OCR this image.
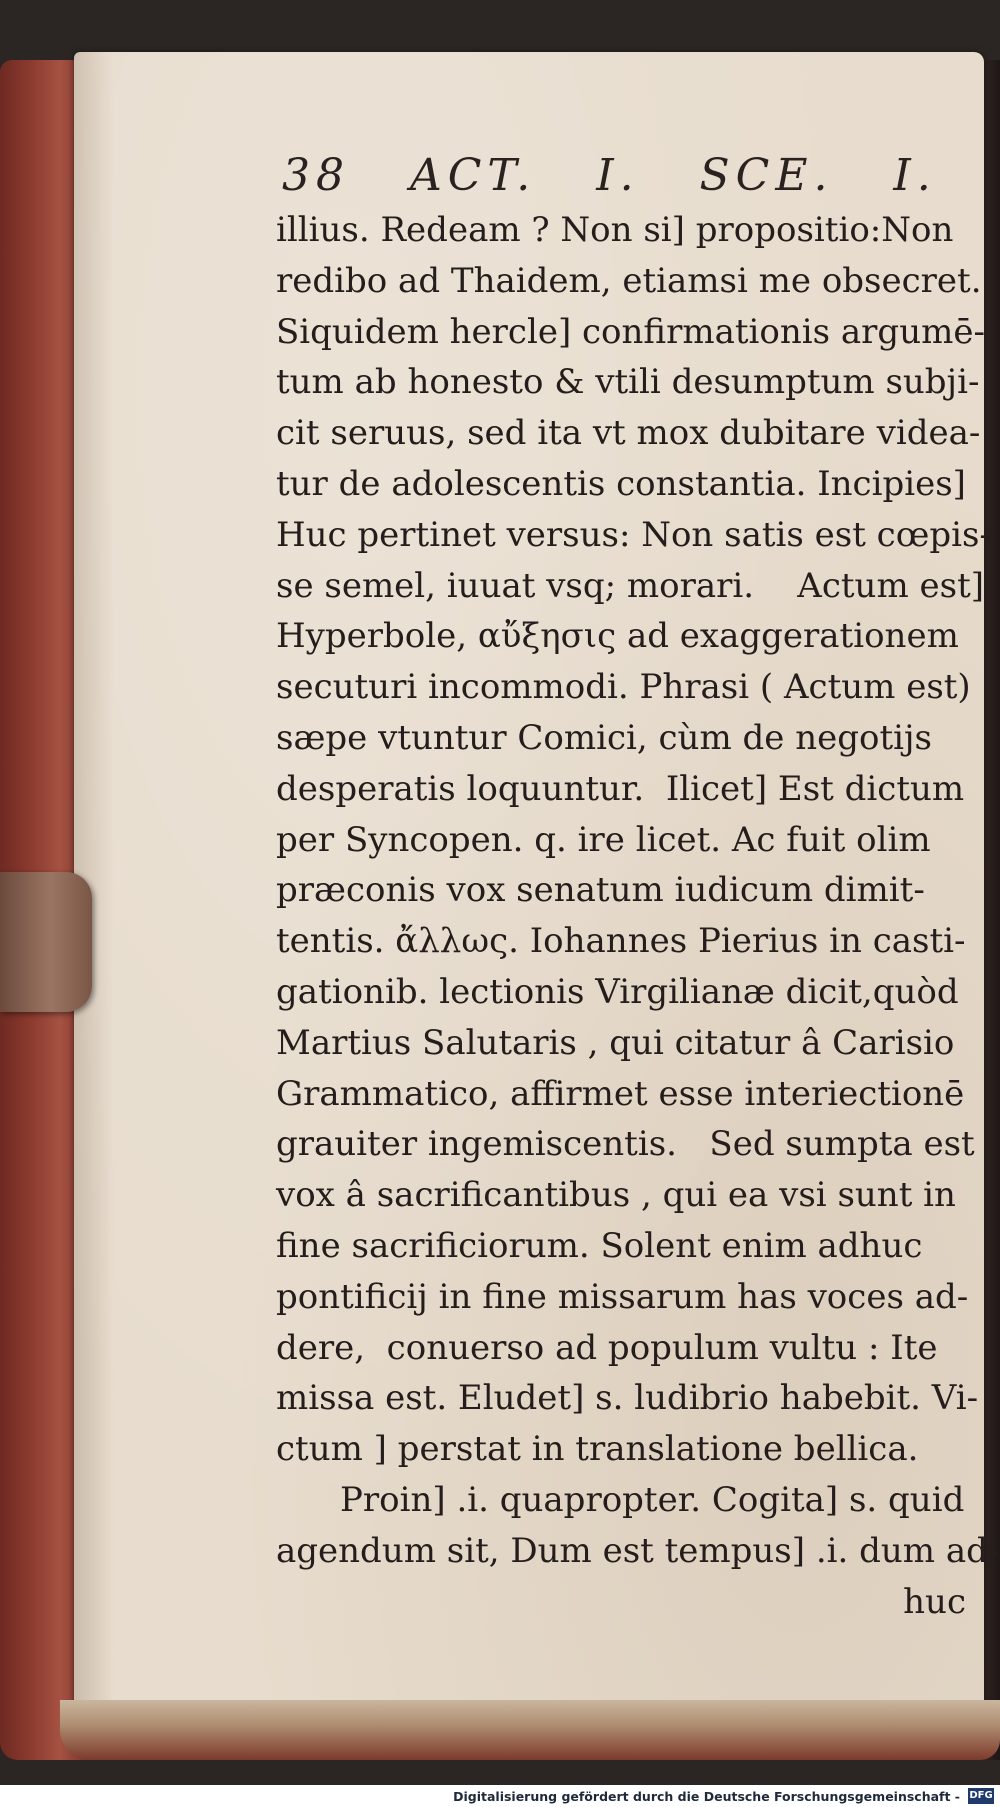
38   ACT.   I.   SCE.   I.
illius. Redeam ? Non si] propositio:Non
redibo ad Thaidem, etiamsi me obsecret.
Siquidem hercle] confirmationis argumē-
tum ab honesto & vtili desumptum subji-
cit seruus, sed ita vt mox dubitare videa-
tur de adolescentis constantia. Incipies]
Huc pertinet versus: Non satis est cœpis-
se semel, iuuat vsq; morari.    Actum est]
Hyperbole, αὔξησις ad exaggerationem
secuturi incommodi. Phrasi ( Actum est)
sæpe vtuntur Comici, cùm de negotijs
desperatis loquuntur.  Ilicet] Est dictum
per Syncopen. q. ire licet. Ac fuit olim
præconis vox senatum iudicum dimit-
tentis. ἄλλως. Iohannes Pierius in casti-
gationib. lectionis Virgilianæ dicit,quòd
Martius Salutaris , qui citatur â Carisio
Grammatico, affirmet esse interiectionē
grauiter ingemiscentis.   Sed sumpta est
vox â sacrificantibus , qui ea vsi sunt in
fine sacrificiorum. Solent enim adhuc
pontificij in fine missarum has voces ad-
dere,  conuerso ad populum vultu : Ite
missa est. Eludet] s. ludibrio habebit. Vi-
ctum ] perstat in translatione bellica.
Proin] .i. quapropter. Cogita] s. quid
agendum sit, Dum est tempus] .i. dum ad-
huc
Digitalisierung gefördert durch die Deutsche Forschungsgemeinschaft - DFG
